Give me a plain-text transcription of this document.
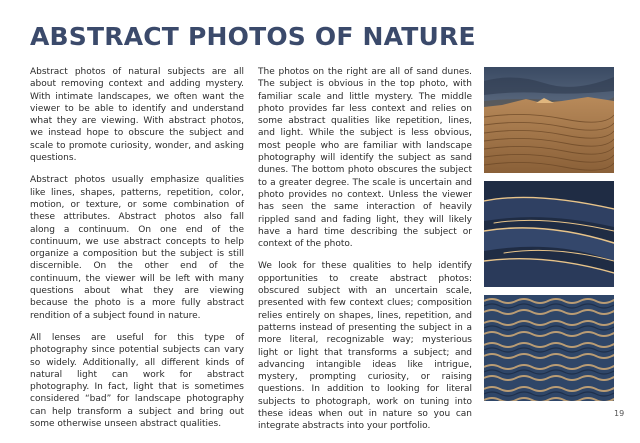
ABSTRACT PHOTOS OF NATURE

Abstract photos of natural subjects are all about removing context and adding mystery. With intimate landscapes, we often want the viewer to be able to identify and understand what they are viewing. With abstract photos, we instead hope to obscure the subject and scale to promote curiosity, wonder, and asking questions.

Abstract photos usually emphasize qualities like lines, shapes, patterns, repetition, color, motion, or texture, or some combination of these attributes. Abstract photos also fall along a continuum. On one end of the continuum, we use abstract concepts to help organize a composition but the subject is still discernible. On the other end of the continuum, the viewer will be left with many questions about what they are viewing because the photo is a more fully abstract rendition of a subject found in nature.

All lenses are useful for this type of photography since potential subjects can vary so widely. Additionally, all different kinds of natural light can work for abstract photography. In fact, light that is sometimes considered “bad” for landscape photography can help transform a subject and bring out some otherwise unseen abstract qualities.

The photos on the right are all of sand dunes. The subject is obvious in the top photo, with familiar scale and little mystery. The middle photo provides far less context and relies on some abstract qualities like repetition, lines, and light. While the subject is less obvious, most people who are familiar with landscape photography will identify the subject as sand dunes. The bottom photo obscures the subject to a greater degree. The scale is uncertain and photo provides no context. Unless the viewer has seen the same interaction of heavily rippled sand and fading light, they will likely have a hard time describing the subject or context of the photo.

We look for these qualities to help identify opportunities to create abstract photos: obscured subject with an uncertain scale, presented with few context clues; composition relies entirely on shapes, lines, repetition, and patterns instead of presenting the subject in a more literal, recognizable way; mysterious light or light that transforms a subject; and advancing intangible ideas like intrigue, mystery, prompting curiosity, or raising questions. In addition to looking for literal subjects to photograph, work on tuning into these ideas when out in nature so you can integrate abstracts into your portfolio.

19
